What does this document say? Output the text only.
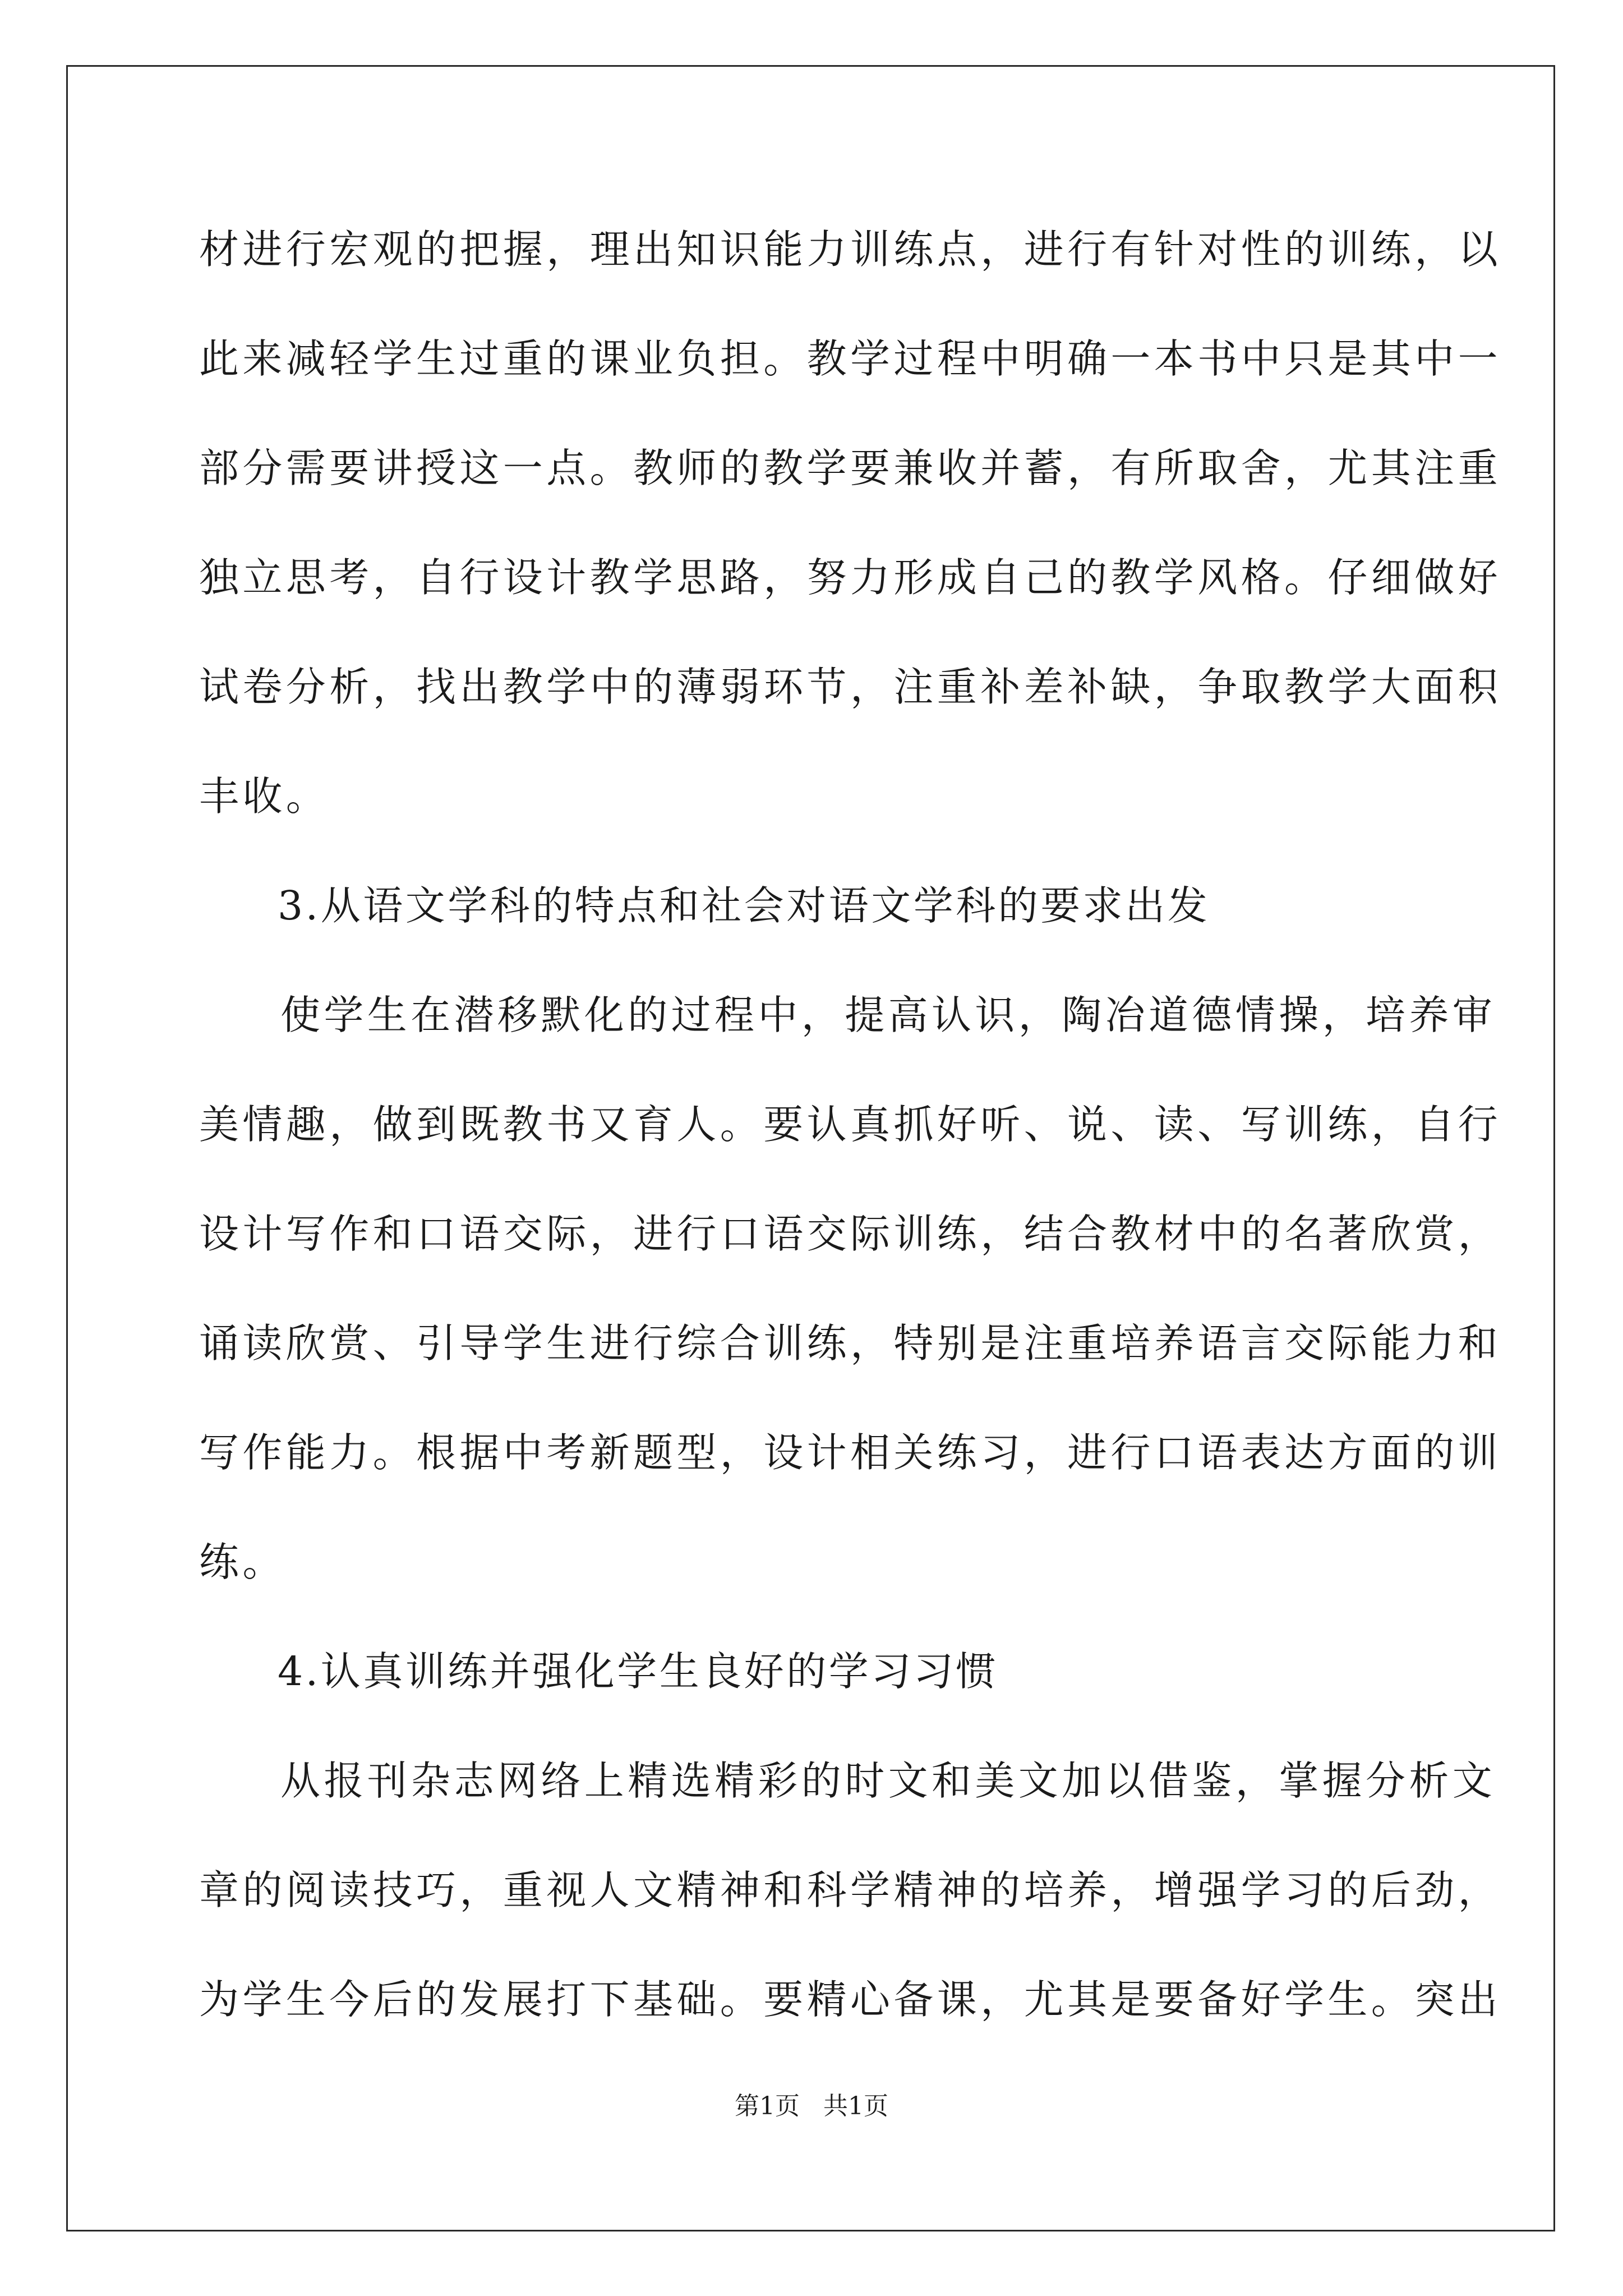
材进行宏观的把握，理出知识能力训练点，进行有针对性的训练，以
此来减轻学生过重的课业负担。教学过程中明确一本书中只是其中一
部分需要讲授这一点。教师的教学要兼收并蓄，有所取舍，尤其注重
独立思考，自行设计教学思路，努力形成自己的教学风格。仔细做好
试卷分析，找出教学中的薄弱环节，注重补差补缺，争取教学大面积
丰收。
3.从语文学科的特点和社会对语文学科的要求出发
使学生在潜移默化的过程中，提高认识，陶冶道德情操，培养审
美情趣，做到既教书又育人。要认真抓好听、说、读、写训练，自行
设计写作和口语交际，进行口语交际训练，结合教材中的名著欣赏，
诵读欣赏、引导学生进行综合训练，特别是注重培养语言交际能力和
写作能力。根据中考新题型，设计相关练习，进行口语表达方面的训
练。
4.认真训练并强化学生良好的学习习惯
从报刊杂志网络上精选精彩的时文和美文加以借鉴，掌握分析文
章的阅读技巧，重视人文精神和科学精神的培养，增强学习的后劲，
为学生今后的发展打下基础。要精心备课，尤其是要备好学生。突出
第1页   共1页
